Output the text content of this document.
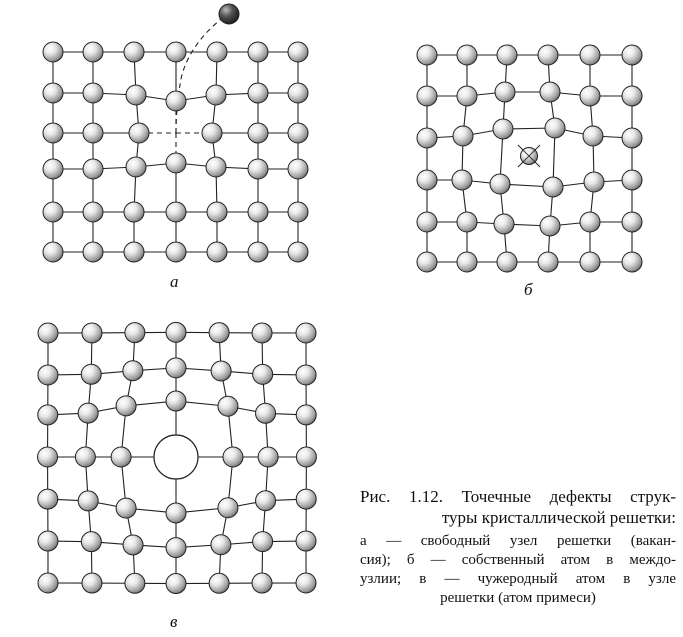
а	б
в
Рис. 1.12. Точечные дефекты струк-
туры кристаллической решетки:
а — свободный узел решетки (вакан-
сия); б — собственный атом в междо-
узлии; в — чужеродный атом в узле
решетки (атом примеси)
